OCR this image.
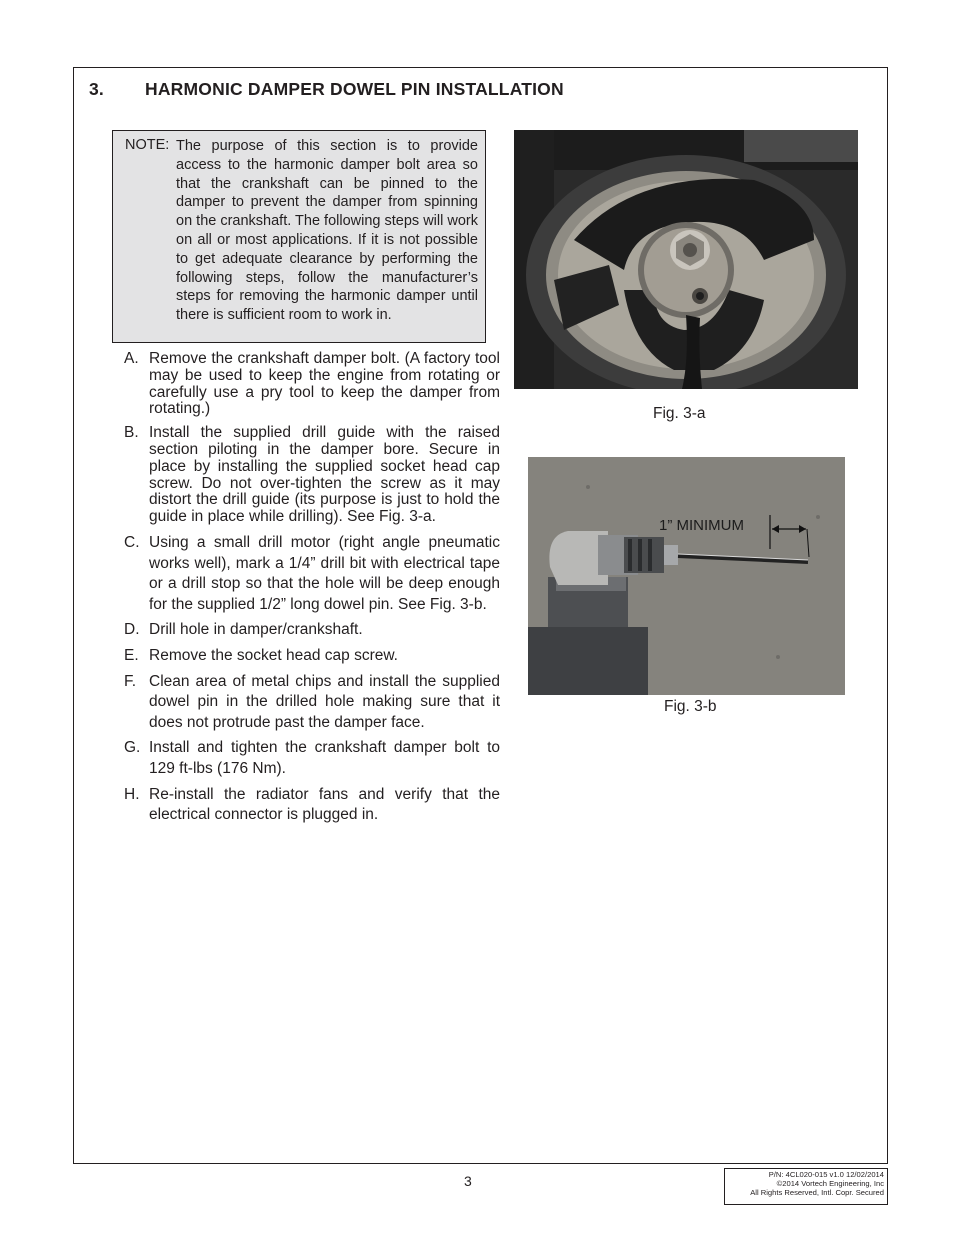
3. HARMONIC DAMPER DOWEL PIN INSTALLATION
NOTE: The purpose of this section is to provide access to the harmonic damper bolt area so that the crankshaft can be pinned to the damper to prevent the damper from spinning on the crankshaft. The following steps will work on all or most applications. If it is not possible to get adequate clearance by performing the following steps, follow the manufacturer’s steps for removing the harmonic damper until there is sufficient room to work in.
A. Remove the crankshaft damper bolt. (A factory tool may be used to keep the engine from rotating or carefully use a pry tool to keep the damper from rotating.)
B. Install the supplied drill guide with the raised section piloting in the damper bore. Secure in place by installing the supplied socket head cap screw. Do not over-tighten the screw as it may distort the drill guide (its purpose is just to hold the guide in place while drilling). See Fig. 3-a.
C. Using a small drill motor (right angle pneumatic works well), mark a 1/4” drill bit with electrical tape or a drill stop so that the hole will be deep enough for the supplied 1/2” long dowel pin. See Fig. 3-b.
D. Drill hole in damper/crankshaft.
E. Remove the socket head cap screw.
F. Clean area of metal chips and install the supplied dowel pin in the drilled hole making sure that it does not protrude past the damper face.
G. Install and tighten the crankshaft damper bolt to 129 ft-lbs (176 Nm).
H. Re-install the radiator fans and verify that the electrical connector is plugged in.
Fig. 3-a
1” MINIMUM
Fig. 3-b
3	P/N: 4CL020-015 v1.0 12/02/2014
©2014 Vortech Engineering, Inc
All Rights Reserved, Intl. Copr. Secured
